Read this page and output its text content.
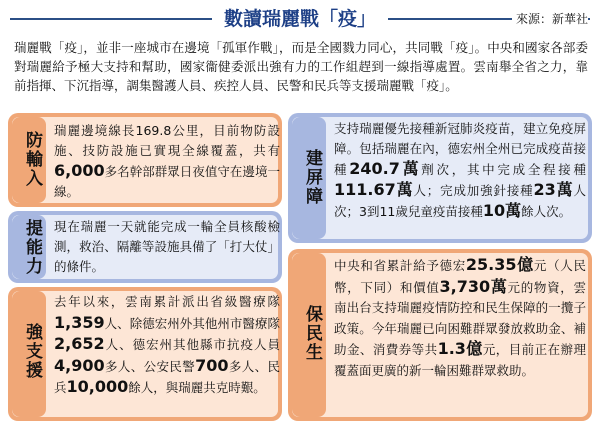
數讀瑞麗戰「疫」	來源：新華社
瑞麗戰「疫」，並非一座城市在邊境「孤軍作戰」，而是全國戮力同心，共同戰「疫」。中央和國家各部委對瑞麗給予極大支持和幫助，國家衞健委派出強有力的工作組趕到一線指導處置。雲南舉全省之力，靠前指揮、下沉指導，調集醫護人員、疾控人員、民警和民兵等支援瑞麗戰「疫」。
防輸入
瑞麗邊境線長169.8公里，目前物防設施、技防設施已實現全線覆蓋，共有6,000多名幹部群眾日夜值守在邊境一線。
提能力 現在瑞麗一天就能完成一輪全員核酸檢測，救治、隔離等設施具備了「打大仗」的條件。
強支援
去年以來，雲南累計派出省級醫療隊1,359人、除德宏州外其他州市醫療隊2,652人、德宏州其他縣市抗疫人員4,900多人、公安民警700多人、民兵10,000餘人，與瑞麗共克時艱。
建屏障
支持瑞麗優先接種新冠肺炎疫苗，建立免疫屏障。包括瑞麗在內，德宏州全州已完成疫苗接種240.7萬劑次，其中完成全程接種111.67萬人；完成加強針接種23萬人次；3到11歲兒童疫苗接種10萬餘人次。
保民生
中央和省累計給予德宏25.35億元（人民幣，下同）和價值3,730萬元的物資，雲南出台支持瑞麗疫情防控和民生保障的一攬子政策。今年瑞麗已向困難群眾發放救助金、補助金、消費券等共1.3億元，目前正在辦理覆蓋面更廣的新一輪困難群眾救助。
